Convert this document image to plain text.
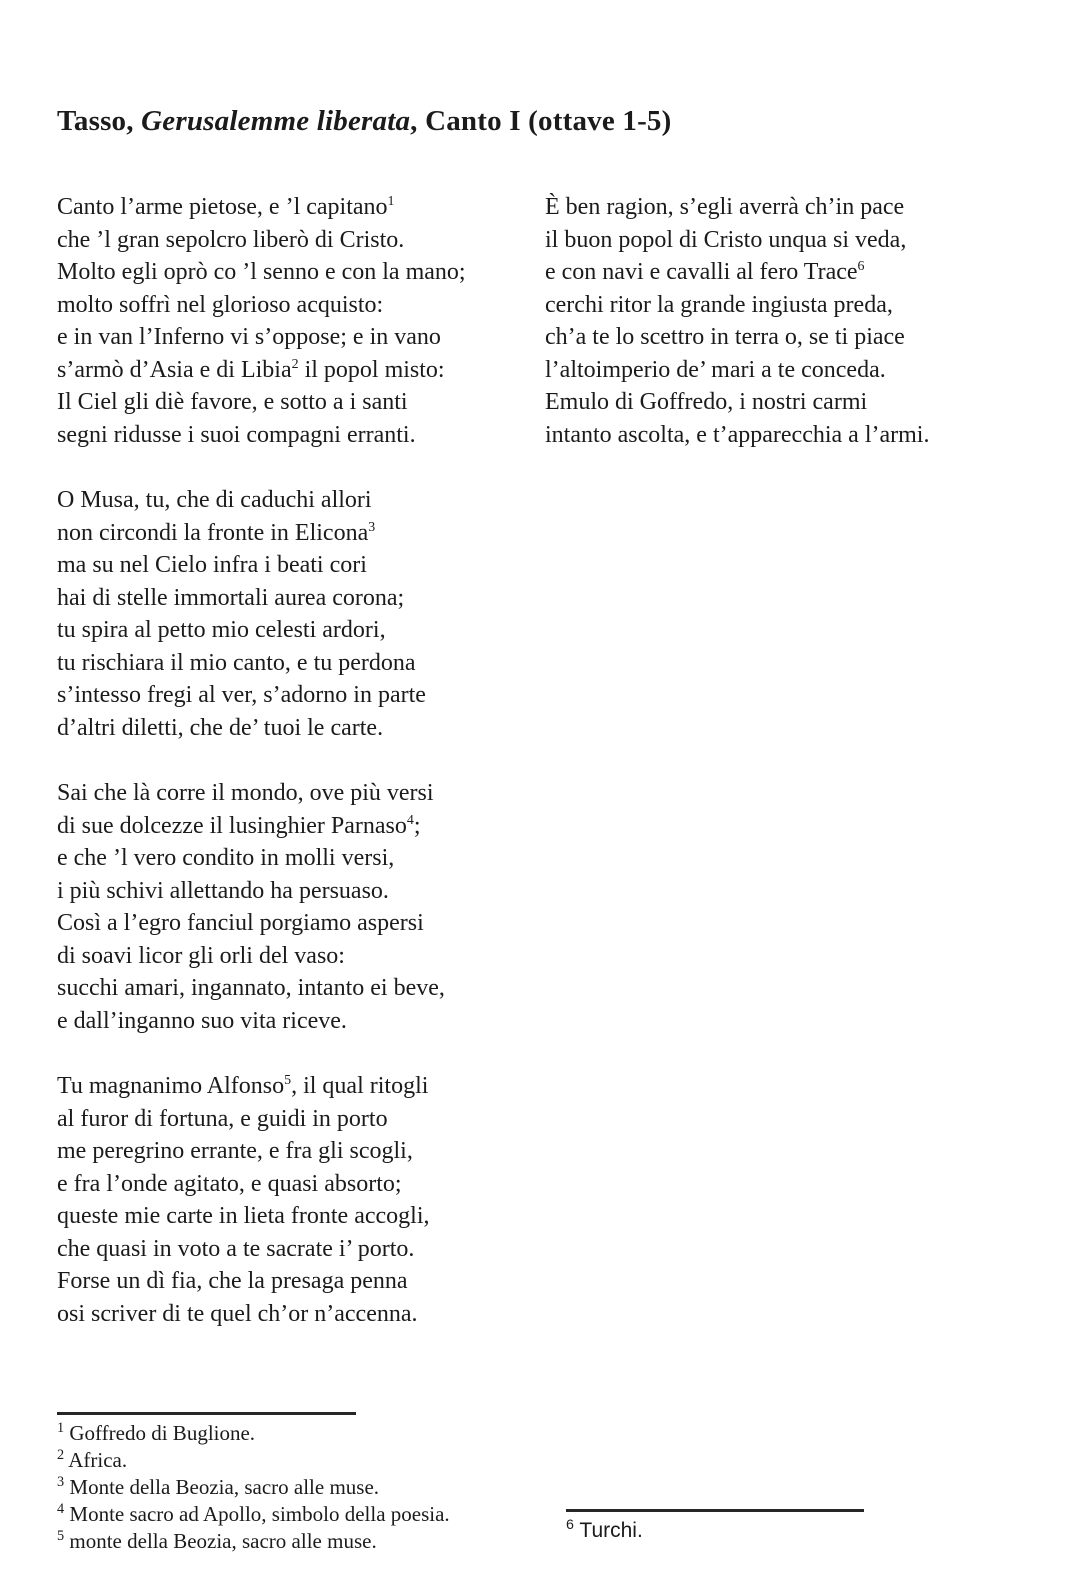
Tasso, Gerusalemme liberata, Canto I (ottave 1-5)
Canto l’arme pietose, e ’l capitano$^1$
che ’l gran sepolcro liberò di Cristo.
Molto egli oprò co ’l senno e con la mano;
molto soffrì nel glorioso acquisto:
e in van l’Inferno vi s’oppose; e in vano
s’armò d’Asia e di Libia$^2$ il popol misto:
Il Ciel gli diè favore, e sotto a i santi
segni ridusse i suoi compagni erranti.
O Musa, tu, che di caduchi allori
non circondi la fronte in Elicona$^3$
ma su nel Cielo infra i beati cori
hai di stelle immortali aurea corona;
tu spira al petto mio celesti ardori,
tu rischiara il mio canto, e tu perdona
s’intesso fregi al ver, s’adorno in parte
d’altri diletti, che de’ tuoi le carte.
Sai che là corre il mondo, ove più versi
di sue dolcezze il lusinghier Parnaso$^4$;
e che ’l vero condito in molli versi,
i più schivi allettando ha persuaso.
Così a l’egro fanciul porgiamo aspersi
di soavi licor gli orli del vaso:
succhi amari, ingannato, intanto ei beve,
e dall’inganno suo vita riceve.
Tu magnanimo Alfonso$^5$, il qual ritogli
al furor di fortuna, e guidi in porto
me peregrino errante, e fra gli scogli,
e fra l’onde agitato, e quasi absorto;
queste mie carte in lieta fronte accogli,
che quasi in voto a te sacrate i’ porto.
Forse un dì fia, che la presaga penna
osi scriver di te quel ch’or n’accenna.
È ben ragion, s’egli averrà ch’in pace
il buon popol di Cristo unqua si veda,
e con navi e cavalli al fero Trace$^6$
cerchi ritor la grande ingiusta preda,
ch’a te lo scettro in terra o, se ti piace
l’altoimperio de’ mari a te conceda.
Emulo di Goffredo, i nostri carmi
intanto ascolta, e t’apparecchia a l’armi.
$^1$ Goffredo di Buglione.
$^2$ Africa.
$^3$ Monte della Beozia, sacro alle muse.
$^4$ Monte sacro ad Apollo, simbolo della poesia.
$^5$ monte della Beozia, sacro alle muse.
$^6$ Turchi.
